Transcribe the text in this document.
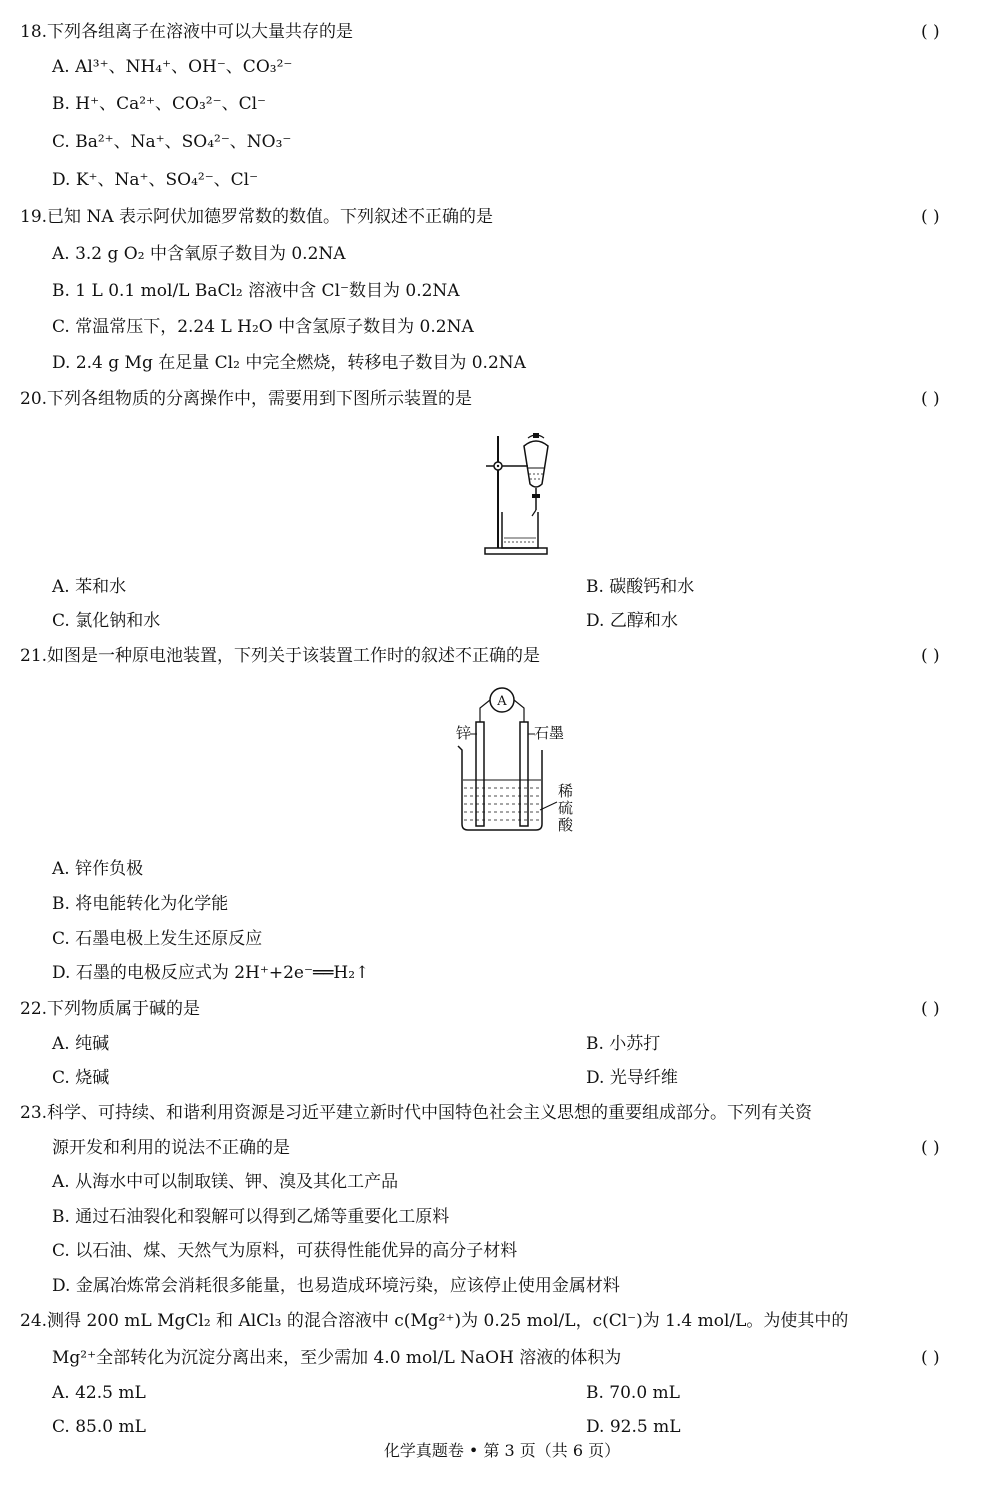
18.下列各组离子在溶液中可以大量共存的是	( )
A. Al³⁺、NH₄⁺、OH⁻、CO₃²⁻
B. H⁺、Ca²⁺、CO₃²⁻、Cl⁻
C. Ba²⁺、Na⁺、SO₄²⁻、NO₃⁻
D. K⁺、Na⁺、SO₄²⁻、Cl⁻
19.已知 NA 表示阿伏加德罗常数的数值。下列叙述不正确的是	( )
A. 3.2 g O₂ 中含氧原子数目为 0.2NA
B. 1 L 0.1 mol/L BaCl₂ 溶液中含 Cl⁻数目为 0.2NA
C. 常温常压下，2.24 L H₂O 中含氢原子数目为 0.2NA
D. 2.4 g Mg 在足量 Cl₂ 中完全燃烧，转移电子数目为 0.2NA
20.下列各组物质的分离操作中，需要用到下图所示装置的是	( )
A. 苯和水	B. 碳酸钙和水
C. 氯化钠和水	D. 乙醇和水
21.如图是一种原电池装置，下列关于该装置工作时的叙述不正确的是	( )
A
锌	石墨
稀
硫
酸
A. 锌作负极
B. 将电能转化为化学能
C. 石墨电极上发生还原反应
D. 石墨的电极反应式为 2H⁺+2e⁻══H₂↑
22.下列物质属于碱的是	( )
A. 纯碱	B. 小苏打
C. 烧碱	D. 光导纤维
23.科学、可持续、和谐利用资源是习近平建立新时代中国特色社会主义思想的重要组成部分。下列有关资
源开发和利用的说法不正确的是	( )
A. 从海水中可以制取镁、钾、溴及其化工产品
B. 通过石油裂化和裂解可以得到乙烯等重要化工原料
C. 以石油、煤、天然气为原料，可获得性能优异的高分子材料
D. 金属冶炼常会消耗很多能量，也易造成环境污染，应该停止使用金属材料
24.测得 200 mL MgCl₂ 和 AlCl₃ 的混合溶液中 c(Mg²⁺)为 0.25 mol/L，c(Cl⁻)为 1.4 mol/L。为使其中的
Mg²⁺全部转化为沉淀分离出来，至少需加 4.0 mol/L NaOH 溶液的体积为	( )
A. 42.5 mL	B. 70.0 mL
C. 85.0 mL	D. 92.5 mL
化学真题卷 • 第 3 页（共 6 页）
